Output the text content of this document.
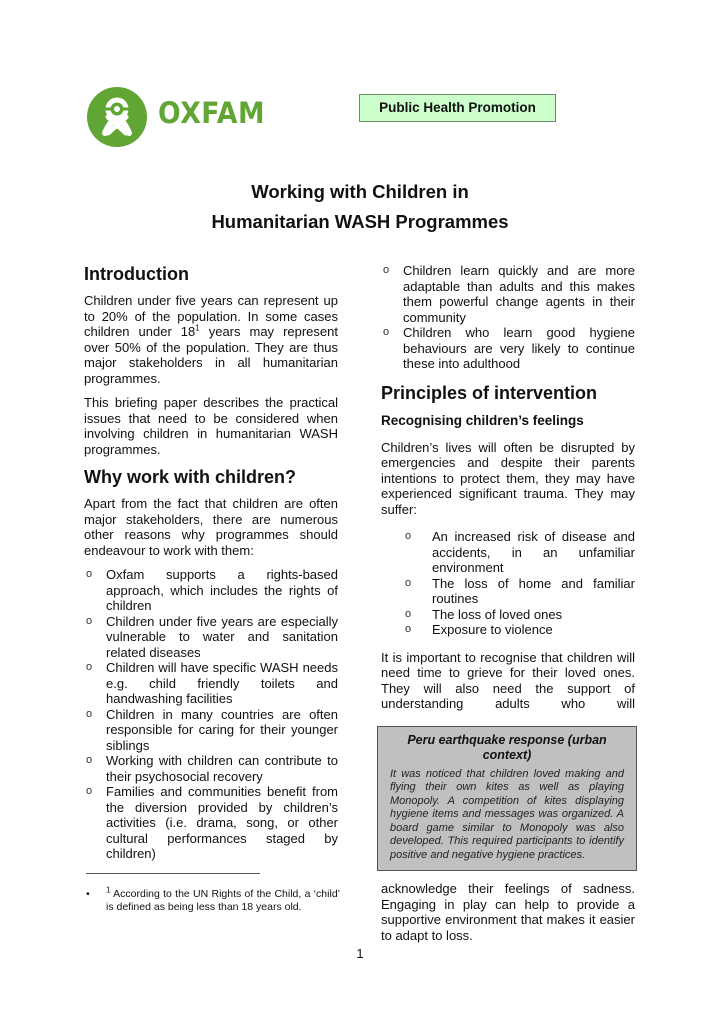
OXFAM	Public Health Promotion
Working with Children in
Humanitarian WASH Programmes
Introduction

Children under five years can represent up to 20% of the population. In some cases children under $18^1$ years may represent over 50% of the population. They are thus major stakeholders in all humanitarian programmes.

This briefing paper describes the practical issues that need to be considered when involving children in humanitarian WASH programmes.

Why work with children?

Apart from the fact that children are often major stakeholders, there are numerous other reasons why programmes should endeavour to work with them:

o Oxfam supports a rights-based approach, which includes the rights of children
o Children under five years are especially vulnerable to water and sanitation related diseases
o Children will have specific WASH needs e.g. child friendly toilets and handwashing facilities
o Children in many countries are often responsible for caring for their younger siblings
o Working with children can contribute to their psychosocial recovery
o Families and communities benefit from the diversion provided by children’s activities (i.e. drama, song, or other cultural performances staged by children)
o Children learn quickly and are more adaptable than adults and this makes them powerful change agents in their community
o Children who learn good hygiene behaviours are very likely to continue these into adulthood
Principles of intervention
Recognising children’s feelings

Children’s lives will often be disrupted by emergencies and despite their parents intentions to protect them, they may have experienced significant trauma. They may suffer:

o An increased risk of disease and accidents, in an unfamiliar environment
o The loss of home and familiar routines
o The loss of loved ones
o Exposure to violence

It is important to recognise that children will need time to grieve for their loved ones. They will also need the support of understanding adults who will

Peru earthquake response (urban context)
It was noticed that children loved making and flying their own kites as well as playing Monopoly. A competition of kites displaying hygiene items and messages was organized. A board game similar to Monopoly was also developed. This required participants to identify positive and negative hygiene practices.

acknowledge their feelings of sadness. Engaging in play can help to provide a supportive environment that makes it easier to adapt to loss.

•	$^1$ According to the UN Rights of the Child, a ‘child’ is defined as being less than 18 years old.
1
